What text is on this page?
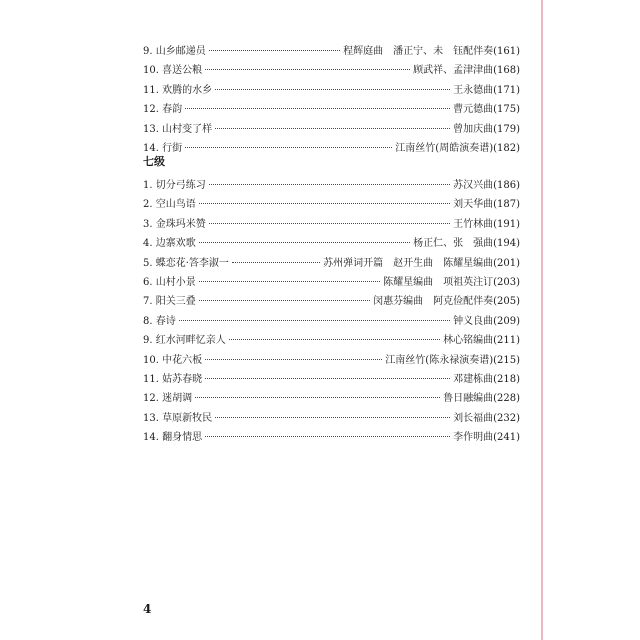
9. 山乡邮递员	程辉庭曲　潘正宁、未　钰配伴奏(161)
10. 喜送公粮	顾武祥、孟津津曲(168)
11. 欢腾的水乡	王永德曲(171)
12. 春韵	曹元德曲(175)
13. 山村变了样	曾加庆曲(179)
14. 行街	江南丝竹(周皓演奏谱)(182)
七级
1. 切分弓练习	苏汉兴曲(186)
2. 空山鸟语	刘天华曲(187)
3. 金珠玛米赞	王竹林曲(191)
4. 边寨欢歌	杨正仁、张　强曲(194)
5. 蝶恋花·答李淑一	苏州弹词开篇　赵开生曲　陈耀星编曲(201)
6. 山村小景	陈耀星编曲　项祖英注订(203)
7. 阳关三叠	闵惠芬编曲　阿克俭配伴奏(205)
8. 春诗	钟义良曲(209)
9. 红水河畔忆亲人	林心铭编曲(211)
10. 中花六板	江南丝竹(陈永禄演奏谱)(215)
11. 姑苏春晓	邓建栋曲(218)
12. 迷胡调	鲁日融编曲(228)
13. 草原新牧民	刘长福曲(232)
14. 翻身情思	李作明曲(241)
4
